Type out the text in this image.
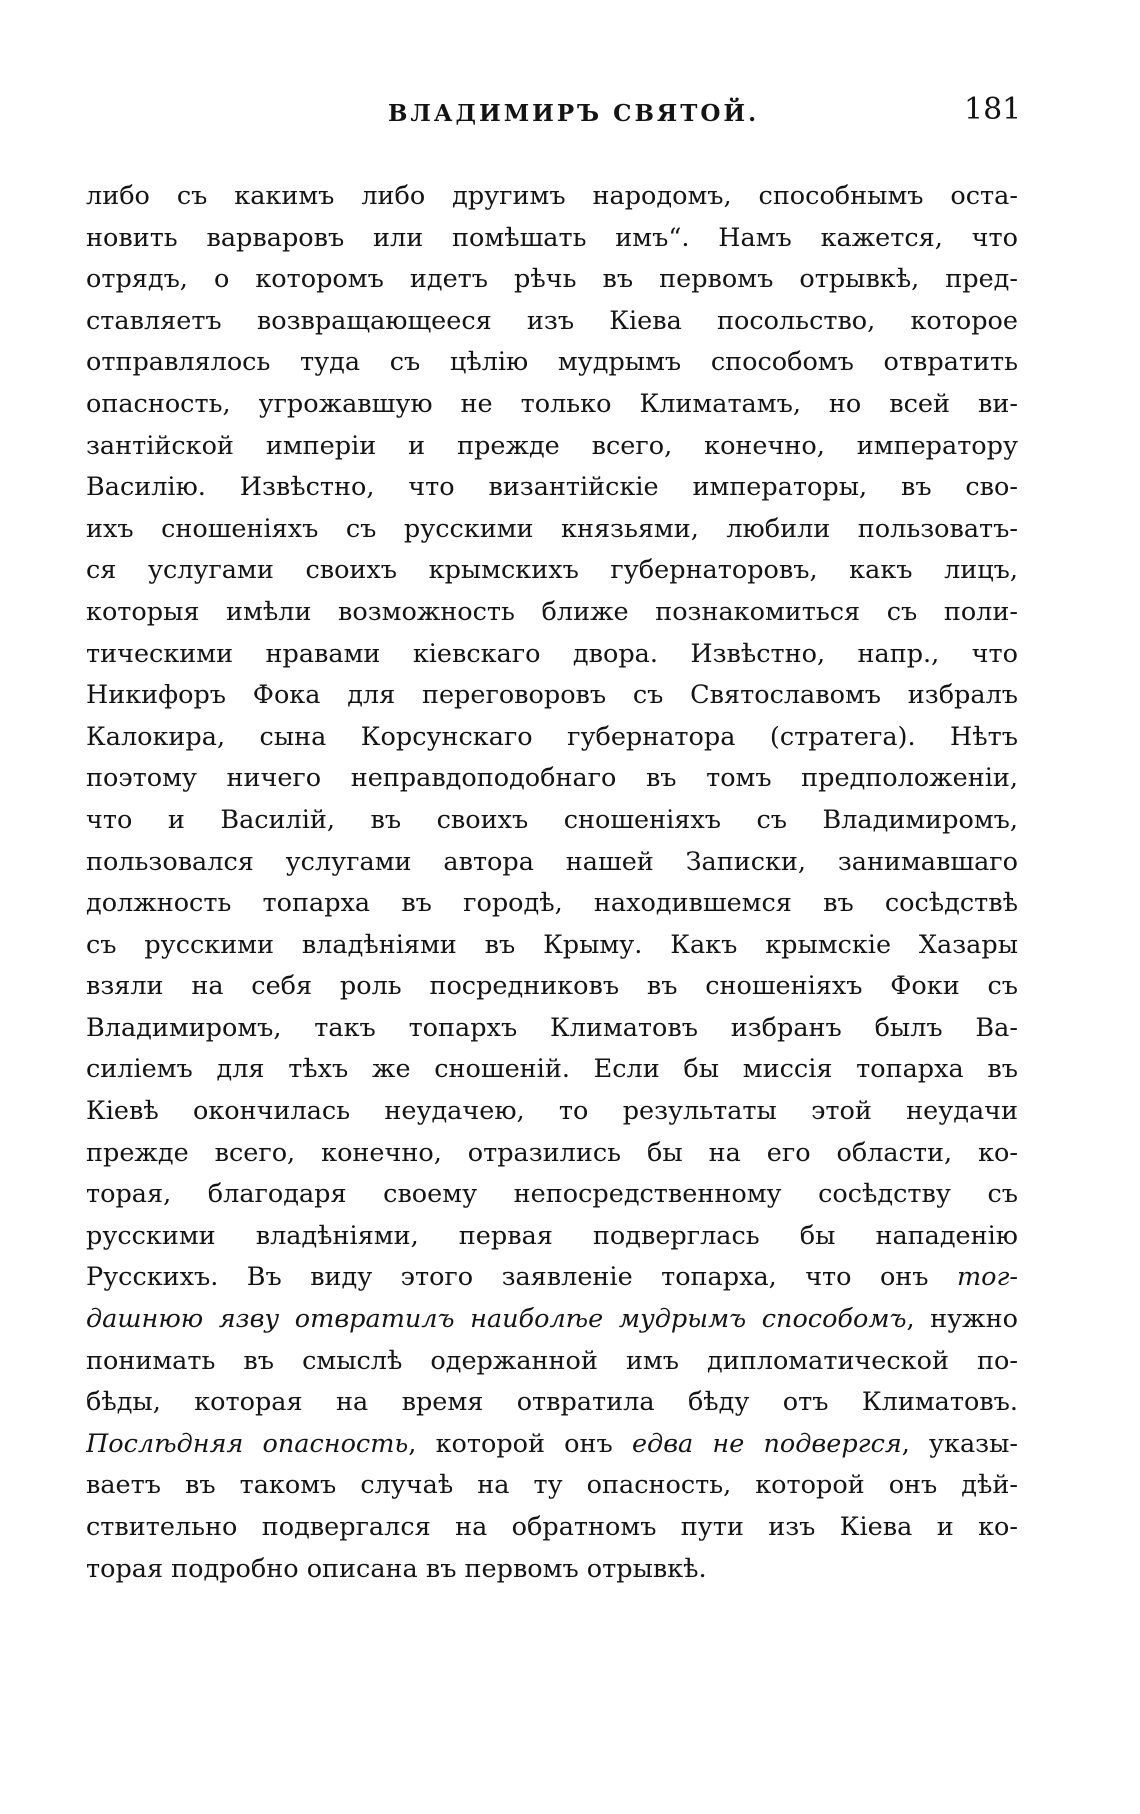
ВЛАДИМИРЪ СВЯТОЙ.	181
либо съ какимъ либо другимъ народомъ, способнымъ оста-
новить варваровъ или помѣшать имъ“. Намъ кажется, что
отрядъ, о которомъ идетъ рѣчь въ первомъ отрывкѣ, пред-
ставляетъ возвращающееся изъ Кіева посольство, которое
отправлялось туда съ цѣлію мудрымъ способомъ отвратить
опасность, угрожавшую не только Климатамъ, но всей ви-
зантійской имперіи и прежде всего, конечно, императору
Василію. Извѣстно, что византійскіе императоры, въ сво-
ихъ сношеніяхъ съ русскими князьями, любили пользоватъ-
ся услугами своихъ крымскихъ губернаторовъ, какъ лицъ,
которыя имѣли возможность ближе познакомиться съ поли-
тическими нравами кіевскаго двора. Извѣстно, напр., что
Никифоръ Фока для переговоровъ съ Святославомъ избралъ
Калокира, сына Корсунскаго губернатора (стратега). Нѣтъ
поэтому ничего неправдоподобнаго въ томъ предположеніи,
что и Василій, въ своихъ сношеніяхъ съ Владимиромъ,
пользовался услугами автора нашей Записки, занимавшаго
должность топарха въ городѣ, находившемся въ сосѣдствѣ
съ русскими владѣніями въ Крыму. Какъ крымскіе Хазары
взяли на себя роль посредниковъ въ сношеніяхъ Фоки съ
Владимиромъ, такъ топархъ Климатовъ избранъ былъ Ва-
силіемъ для тѣхъ же сношеній. Если бы миссія топарха въ
Кіевѣ окончилась неудачею, то результаты этой неудачи
прежде всего, конечно, отразились бы на его области, ко-
торая, благодаря своему непосредственному сосѣдству съ
русскими владѣніями, первая подверглась бы нападенію
Русскихъ. Въ виду этого заявленіе топарха, что онъ тог-
дашнюю язву отвратилъ наиболѣе мудрымъ способомъ, нужно
понимать въ смыслѣ одержанной имъ дипломатической по-
бѣды, которая на время отвратила бѣду отъ Климатовъ.
Послѣдняя опасность, которой онъ едва не подвергся, указы-
ваетъ въ такомъ случаѣ на ту опасность, которой онъ дѣй-
ствительно подвергался на обратномъ пути изъ Кіева и ко-
торая подробно описана въ первомъ отрывкѣ.
